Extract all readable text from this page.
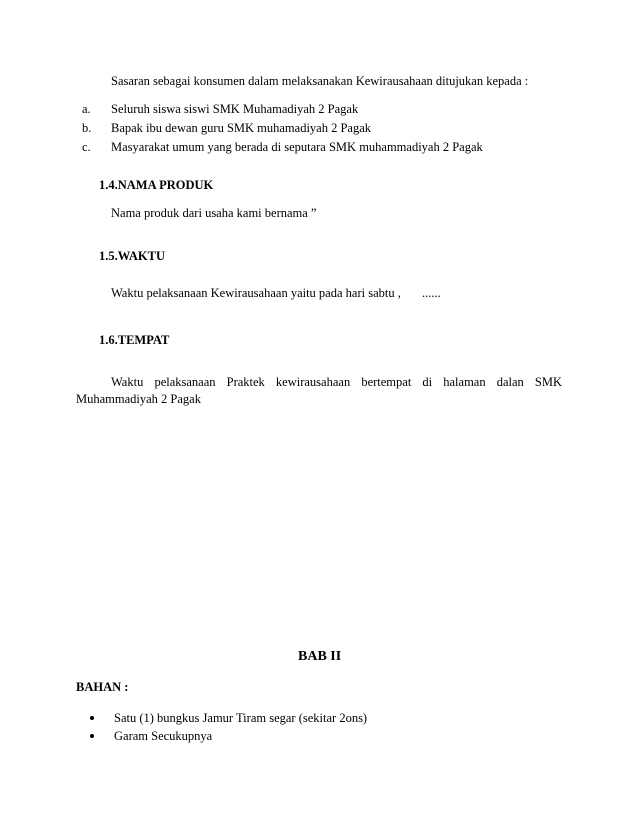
Sasaran sebagai konsumen dalam melaksanakan Kewirausahaan ditujukan kepada :
a. Seluruh siswa siswi SMK Muhamadiyah 2 Pagak
b. Bapak ibu dewan guru SMK muhamadiyah 2 Pagak
c. Masyarakat umum yang berada di seputara SMK muhammadiyah 2 Pagak
1.4.NAMA PRODUK
Nama produk dari usaha kami bernama ”
1.5.WAKTU
Waktu pelaksanaan Kewirausahaan yaitu pada hari sabtu , ......
1.6.TEMPAT
Waktu pelaksanaan Praktek kewirausahaan bertempat di halaman dalan SMK
Muhammadiyah 2 Pagak
BAB II
BAHAN :
Satu (1) bungkus Jamur Tiram segar (sekitar 2ons)
Garam Secukupnya
